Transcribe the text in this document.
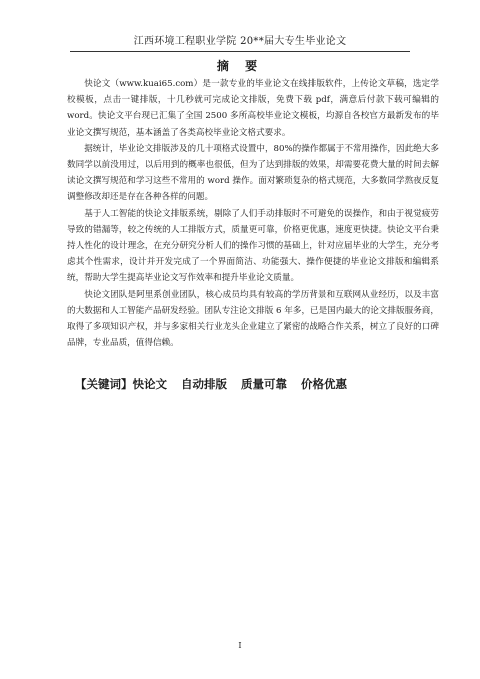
江西环境工程职业学院 20**届大专生毕业论文
摘 要

快论文（www.kuai65.com）是一款专业的毕业论文在线排版软件，上传论文草稿，选定学校模板，点击一键排版，十几秒就可完成论文排版，免费下载 pdf，满意后付款下载可编辑的 word。快论文平台现已汇集了全国 2500 多所高校毕业论文模板，均源自各校官方最新发布的毕业论文撰写规范，基本涵盖了各类高校毕业论文格式要求。

据统计，毕业论文排版涉及的几十项格式设置中，80%的操作都属于不常用操作，因此绝大多数同学以前没用过，以后用到的概率也很低，但为了达到排版的效果，却需要花费大量的时间去解读论文撰写规范和学习这些不常用的 word 操作。面对繁琐复杂的格式规范，大多数同学熬夜反复调整修改却还是存在各种各样的问题。

基于人工智能的快论文排版系统，剔除了人们手动排版时不可避免的误操作，和由于视觉疲劳导致的错漏等，较之传统的人工排版方式，质量更可靠，价格更优惠，速度更快捷。快论文平台秉持人性化的设计理念，在充分研究分析人们的操作习惯的基础上，针对应届毕业的大学生，充分考虑其个性需求，设计并开发完成了一个界面简洁、功能强大、操作便捷的毕业论文排版和编辑系统，帮助大学生提高毕业论文写作效率和提升毕业论文质量。

快论文团队是阿里系创业团队，核心成员均具有较高的学历背景和互联网从业经历，以及丰富的大数据和人工智能产品研发经验。团队专注论文排版 6 年多，已是国内最大的论文排版服务商，取得了多项知识产权，并与多家相关行业龙头企业建立了紧密的战略合作关系，树立了良好的口碑品牌，专业品质，值得信赖。

【关键词】快论文 自动排版 质量可靠 价格优惠
I
